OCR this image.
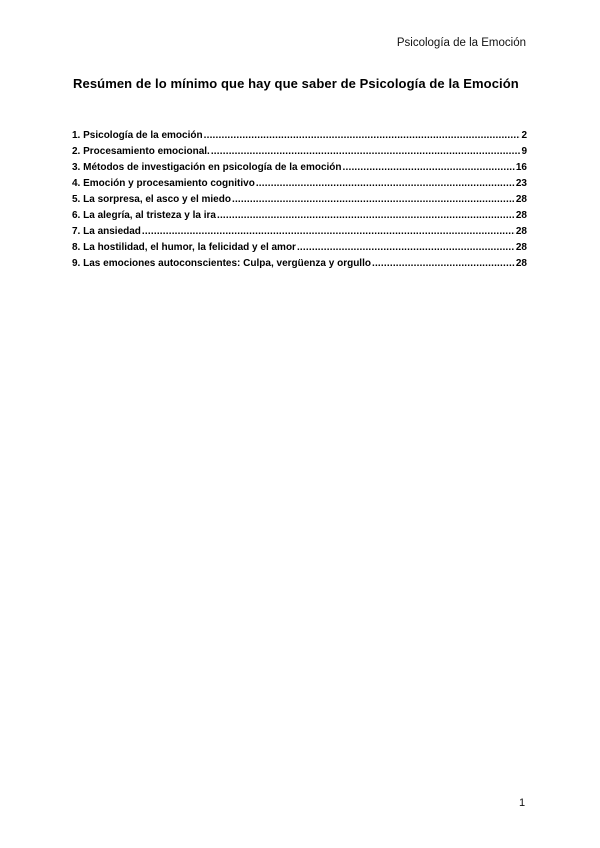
Psicología de la Emoción
Resúmen de lo mínimo que hay que saber de Psicología de la Emoción
1. Psicología de la emoción .....	2
2. Procesamiento emocional. .....	9
3. Métodos de investigación en psicología de la emoción .....	16
4. Emoción y procesamiento cognitivo .....	23
5. La sorpresa, el asco y el miedo .....	28
6. La alegría, al tristeza y la ira .....	28
7. La ansiedad .....	28
8. La hostilidad, el humor, la felicidad y el amor .....	28
9. Las emociones autoconscientes: Culpa, vergüenza y orgullo .....	28
1
